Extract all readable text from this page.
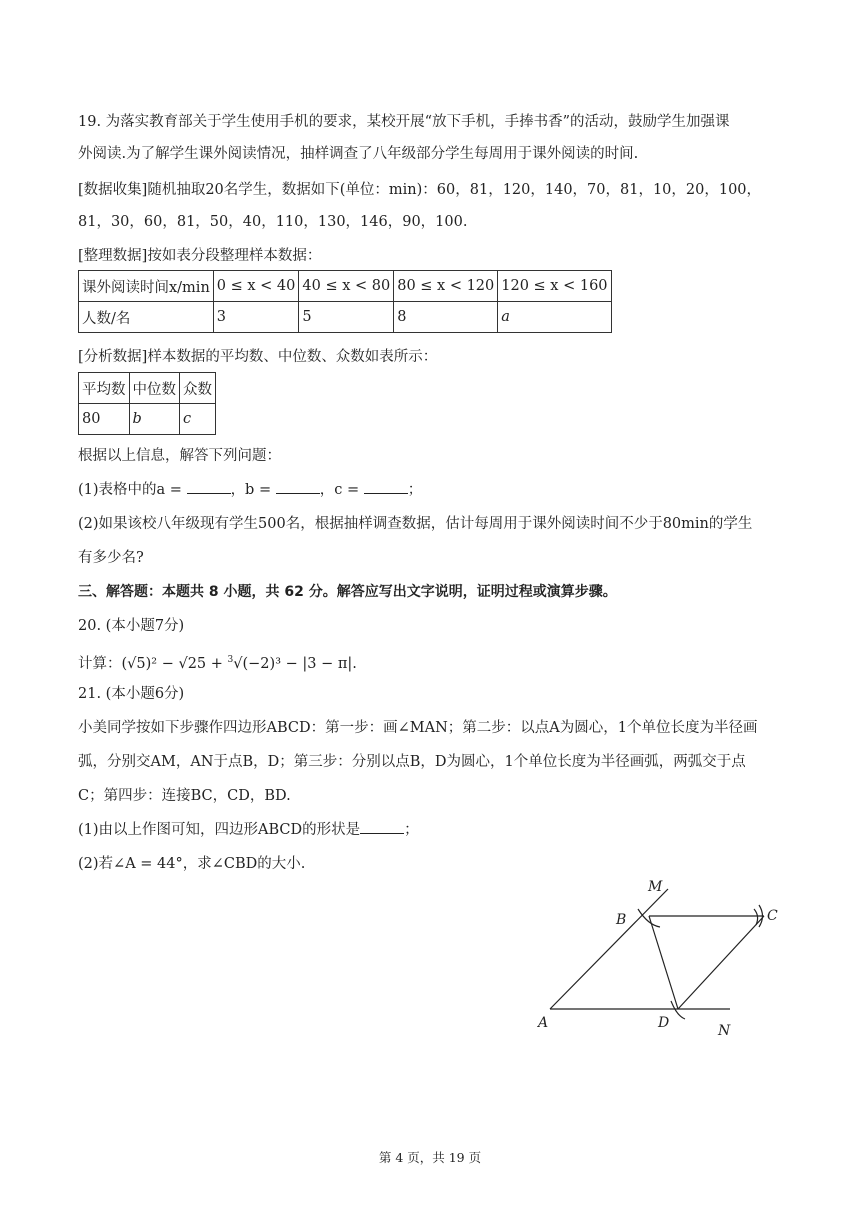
19. 为落实教育部关于学生使用手机的要求，某校开展“放下手机，手捧书香”的活动，鼓励学生加强课
外阅读.为了解学生课外阅读情况，抽样调查了八年级部分学生每周用于课外阅读的时间.
[数据收集]随机抽取20名学生，数据如下(单位：min)：60，81，120，140，70，81，10，20，100，
81，30，60，81，50，40，110，130，146，90，100.
[整理数据]按如表分段整理样本数据：
课外阅读时间x/min	0 ≤ x < 40	40 ≤ x < 80	80 ≤ x < 120	120 ≤ x < 160
人数/名	3	5	8	a
[分析数据]样本数据的平均数、中位数、众数如表所示：
平均数	中位数	众数
80	b	c
根据以上信息，解答下列问题：
(1)表格中的a =	，b =	，c =	；
(2)如果该校八年级现有学生500名，根据抽样调查数据，估计每周用于课外阅读时间不少于80min的学生
有多少名?
三、解答题：本题共 8 小题，共 62 分。解答应写出文字说明，证明过程或演算步骤。
20. (本小题7分)
计算：(√5)² − √25 + $^3$√(−2)³ − |3 − π|.
21. (本小题6分)
小美同学按如下步骤作四边形ABCD：第一步：画∠MAN；第二步：以点A为圆心，1个单位长度为半径画
弧，分别交AM，AN于点B，D；第三步：分别以点B，D为圆心，1个单位长度为半径画弧，两弧交于点
C；第四步：连接BC，CD，BD.
(1)由以上作图可知，四边形ABCD的形状是	；
(2)若∠A = 44°，求∠CBD的大小.
M
B	C
A	D	N
第 4 页，共 19 页
